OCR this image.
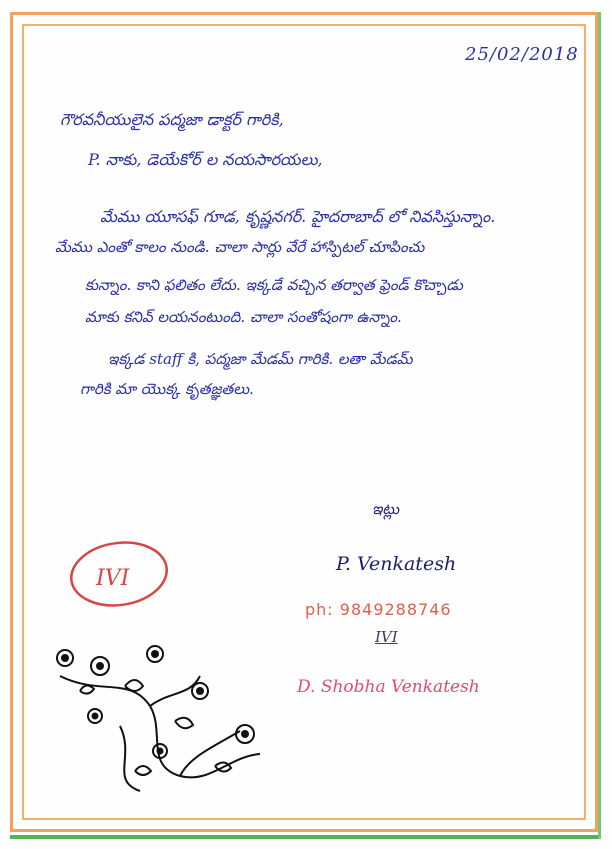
25/02/2018
గౌరవనీయులైన పద్మజా డాక్టర్ గారికి,
P. నాకు, డెయేకోర్ ల నయసారయలు,
మేము యూసఫ్ గూడ, కృష్ణనగర్. హైదరాబాద్ లో నివసిస్తున్నాం.
మేము ఎంతో కాలం నుండి. చాలా సార్లు వేరే హాస్పిటల్ చూపించు
కున్నాం. కాని ఫలితం లేదు. ఇక్కడే వచ్చిన తర్వాత ఫ్రెండ్ కొచ్చాడు
మాకు కనివ్ లయనంటుంది. చాలా సంతోషంగా ఉన్నాం.
ఇక్కడ staff కి, పద్మజా మేడమ్ గారికి. లతా మేడమ్
గారికి మా యొక్క కృతజ్ఞతలు.
ఇట్లు
P. Venkatesh
ph: 9849288746
IVI
D. Shobha Venkatesh
IVI
